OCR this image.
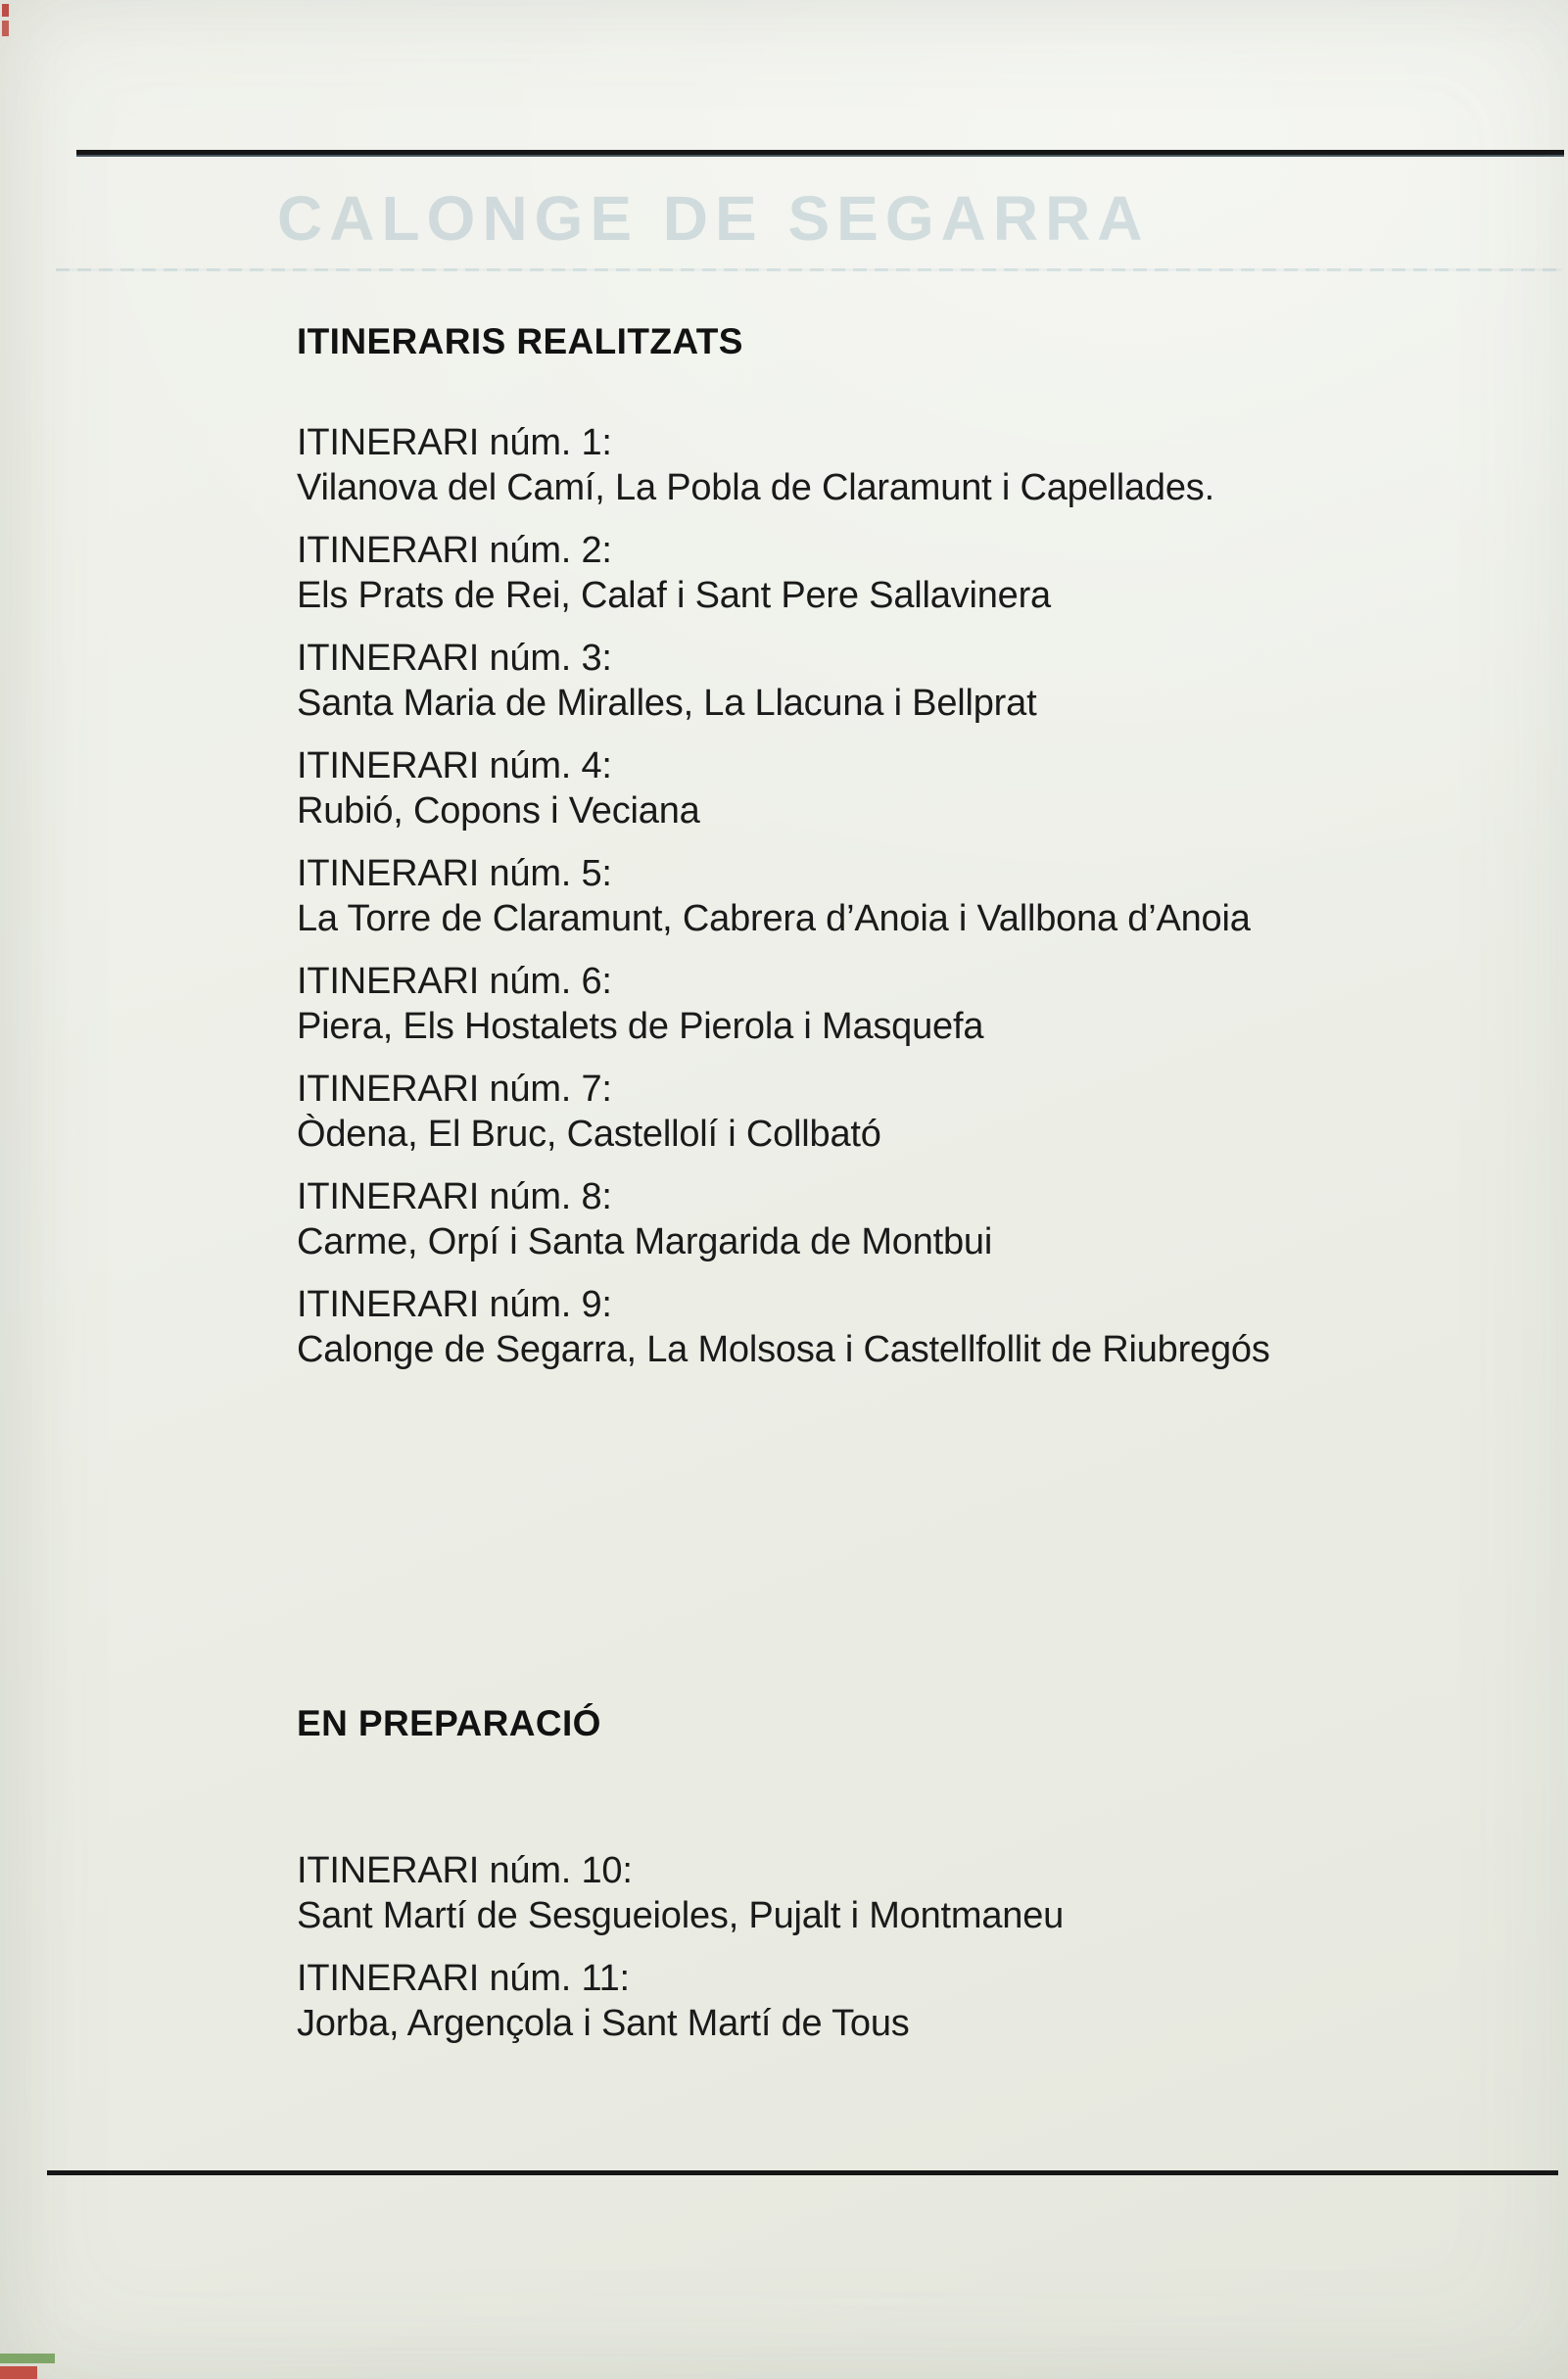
CALONGE DE SEGARRA
ITINERARIS REALITZATS
ITINERARI núm. 1:
Vilanova del Camí, La Pobla de Claramunt i Capellades.
ITINERARI núm. 2:
Els Prats de Rei, Calaf i Sant Pere Sallavinera
ITINERARI núm. 3:
Santa Maria de Miralles, La Llacuna i Bellprat
ITINERARI núm. 4:
Rubió, Copons i Veciana
ITINERARI núm. 5:
La Torre de Claramunt, Cabrera d’Anoia i Vallbona d’Anoia
ITINERARI núm. 6:
Piera, Els Hostalets de Pierola i Masquefa
ITINERARI núm. 7:
Òdena, El Bruc, Castellolí i Collbató
ITINERARI núm. 8:
Carme, Orpí i Santa Margarida de Montbui
ITINERARI núm. 9:
Calonge de Segarra, La Molsosa i Castellfollit de Riubregós
EN PREPARACIÓ
ITINERARI núm. 10:
Sant Martí de Sesgueioles, Pujalt i Montmaneu
ITINERARI núm. 11:
Jorba, Argençola i Sant Martí de Tous
